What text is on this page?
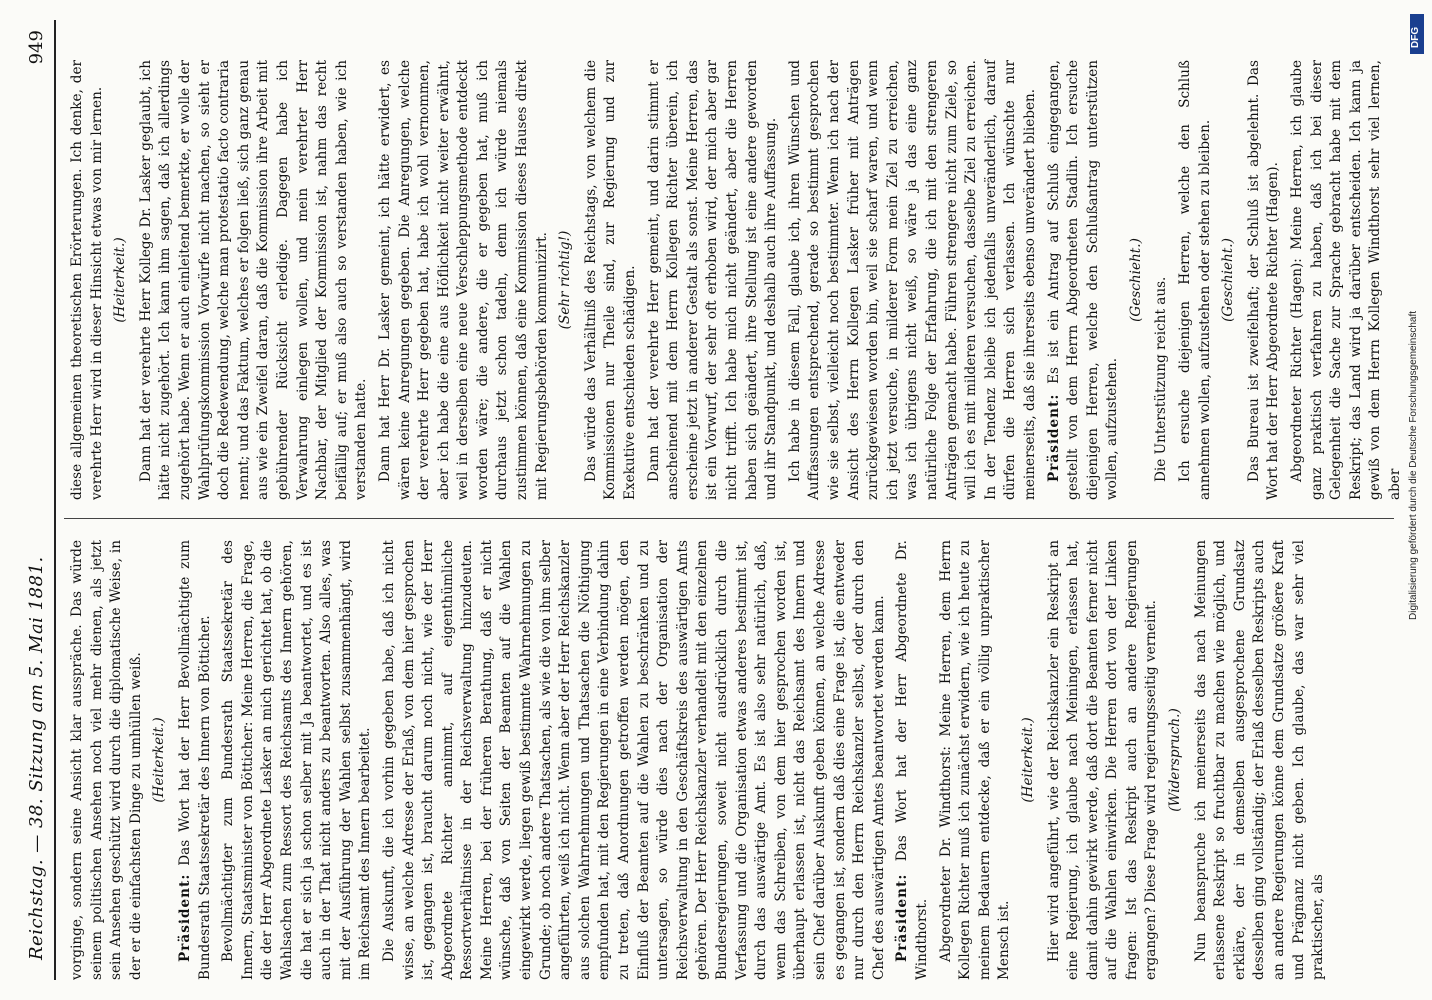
Reichstag. — 38. Sitzung am 5. Mai 1881.
949

vorginge, sondern seine Ansicht klar ausspräche. Das würde seinem politischen Ansehen noch viel mehr dienen, als jetzt sein Ansehen geschützt wird durch die diplomatische Weise, in der er die einfachsten Dinge zu umhüllen weiß. (Heiterkeit.)

Präsident: Das Wort hat der Herr Bevollmächtigte zum Bundesrath Staatssekretär des Innern von Bötticher. Bevollmächtigter zum Bundesrath Staatssekretär des Innern, Staatsminister von Bötticher: Meine Herren, die Frage, die der Herr Abgeordnete Lasker an mich gerichtet hat, ob die Wahlsachen zum Ressort des Reichsamts des Innern gehören, die hat er sich ja schon selber mit Ja beantwortet, und es ist auch in der That nicht anders zu beantworten. Also alles, was mit der Ausführung der Wahlen selbst zusammenhängt, wird im Reichsamt des Innern bearbeitet. Die Auskunft, die ich vorhin gegeben habe, daß ich nicht wisse, an welche Adresse der Erlaß, von dem hier gesprochen ist, gegangen ist, braucht darum noch nicht, wie der Herr Abgeordnete Richter annimmt, auf eigenthümliche Ressortverhältnisse in der Reichsverwaltung hinzudeuten. Meine Herren, bei der früheren Berathung, daß er nicht wünsche, daß von Seiten der Beamten auf die Wahlen eingewirkt werde, liegen gewiß bestimmte Wahrnehmungen zu Grunde; ob noch andere Thatsachen, als wie die von ihm selber angeführten, weiß ich nicht. Wenn aber der Herr Reichskanzler aus solchen Wahrnehmungen und Thatsachen die Nöthigung empfunden hat, mit den Regierungen in eine Verbindung dahin zu treten, daß Anordnungen getroffen werden mögen, den Einfluß der Beamten auf die Wahlen zu beschränken und zu untersagen, so würde dies nach der Organisation der Reichsverwaltung in den Geschäftskreis des auswärtigen Amts gehören. Der Herr Reichskanzler verhandelt mit den einzelnen Bundesregierungen, soweit nicht ausdrücklich durch die Verfassung und die Organisation etwas anderes bestimmt ist, durch das auswärtige Amt. Es ist also sehr natürlich, daß, wenn das Schreiben, von dem hier gesprochen worden ist, überhaupt erlassen ist, nicht das Reichsamt des Innern und sein Chef darüber Auskunft geben können, an welche Adresse es gegangen ist, sondern daß dies eine Frage ist, die entweder nur durch den Herrn Reichskanzler selbst, oder durch den Chef des auswärtigen Amtes beantwortet werden kann. Präsident: Das Wort hat der Herr Abgeordnete Dr. Windthorst. Abgeordneter Dr. Windthorst: Meine Herren, dem Herrn Kollegen Richter muß ich zunächst erwidern, wie ich heute zu meinem Bedauern entdecke, daß er ein völlig unpraktischer Mensch ist.

(Heiterkeit.) Hier wird angeführt, wie der Reichskanzler ein Reskript an eine Regierung, ich glaube nach Meiningen, erlassen hat, damit dahin gewirkt werde, daß dort die Beamten ferner nicht auf die Wahlen einwirken. Die Herren dort von der Linken fragen: Ist das Reskript auch an andere Regierungen ergangen? Diese Frage wird regierungsseitig verneint. (Widerspruch.) Nun beanspruche ich meinerseits das nach Meinungen erlassene Reskript so fruchtbar zu machen wie möglich, und erkläre, der in demselben ausgesprochene Grundsatz desselben ging vollständig; der Erlaß desselben Reskripts auch an andere Regierungen könne dem Grundsatze größere Kraft und Prägnanz nicht geben. Ich glaube, das war sehr viel praktischer, als

diese allgemeinen theoretischen Erörterungen. Ich denke, der verehrte Herr wird in dieser Hinsicht etwas von mir lernen. (Heiterkeit.) Dann hat der verehrte Herr Kollege Dr. Lasker geglaubt, ich hätte nicht zugehört. Ich kann ihm sagen, daß ich allerdings zugehört habe. Wenn er auch einleitend bemerkte, er wolle der Wahlprüfungskommission Vorwürfe nicht machen, so sieht er doch die Redewendung, welche man protestatio facto contraria nennt; und das Faktum, welches er folgen ließ, sich ganz genau aus wie ein Zweifel daran, daß die Kommission ihre Arbeit mit gebührender Rücksicht erledige. Dagegen habe ich Verwahrung einlegen wollen, und mein verehrter Herr Nachbar, der Mitglied der Kommission ist, nahm das recht beifällig auf; er muß also auch so verstanden haben, wie ich verstanden hatte. Dann hat Herr Dr. Lasker gemeint, ich hätte erwidert, es wären keine Anregungen gegeben. Die Anregungen, welche der verehrte Herr gegeben hat, habe ich wohl vernommen, aber ich habe die eine aus Höflichkeit nicht weiter erwähnt, weil in derselben eine neue Verschleppungsmethode entdeckt worden wäre; die andere, die er gegeben hat, muß ich durchaus jetzt schon tadeln, denn ich würde niemals zustimmen können, daß eine Kommission dieses Hauses direkt mit Regierungsbehörden kommunizirt. (Sehr richtig!) Das würde das Verhältniß des Reichstags, von welchem die Kommissionen nur Theile sind, zur Regierung und zur Exekutive entschieden schädigen. Dann hat der verehrte Herr gemeint, und darin stimmt er anscheinend mit dem Herrn Kollegen Richter überein, ich erscheine jetzt in anderer Gestalt als sonst. Meine Herren, das ist ein Vorwurf, der sehr oft erhoben wird, der mich aber gar nicht trifft. Ich habe mich nicht geändert, aber die Herren haben sich geändert, ihre Stellung ist eine andere geworden und ihr Standpunkt, und deshalb auch ihre Auffassung. Ich habe in diesem Fall, glaube ich, ihren Wünschen und Auffassungen entsprechend, gerade so bestimmt gesprochen wie sie selbst, vielleicht noch bestimmter. Wenn ich nach der Ansicht des Herrn Kollegen Lasker früher mit Anträgen zurückgewiesen worden bin, weil sie scharf waren, und wenn ich jetzt versuche, in milderer Form mein Ziel zu erreichen, was ich übrigens nicht weiß, so wäre ja das eine ganz natürliche Folge der Erfahrung, die ich mit den strengeren Anträgen gemacht habe. Führen strengere nicht zum Ziele, so will ich es mit milderen versuchen, dasselbe Ziel zu erreichen. In der Tendenz bleibe ich jedenfalls unveränderlich, darauf dürfen die Herren sich verlassen. Ich wünschte nur meinerseits, daß sie ihrerseits ebenso unverändert blieben. Präsident: Es ist ein Antrag auf Schluß eingegangen, gestellt von dem Herrn Abgeordneten Stadlin. Ich ersuche diejenigen Herren, welche den Schlußantrag unterstützen wollen, aufzustehen.

(Geschieht.) Die Unterstützung reicht aus. Ich ersuche diejenigen Herren, welche den Schluß annehmen wollen, aufzustehen oder stehen zu bleiben. (Geschieht.) Das Bureau ist zweifelhaft; der Schluß ist abgelehnt. Das Wort hat der Herr Abgeordnete Richter (Hagen). Abgeordneter Richter (Hagen): Meine Herren, ich glaube ganz praktisch verfahren zu haben, daß ich bei dieser Gelegenheit die Sache zur Sprache gebracht habe mit dem Reskript; das Land wird ja darüber entscheiden. Ich kann ja gewiß von dem Herrn Kollegen Windthorst sehr viel lernen, aber

DFG
Digitalisierung gefördert durch die Deutsche Forschungsgemeinschaft
